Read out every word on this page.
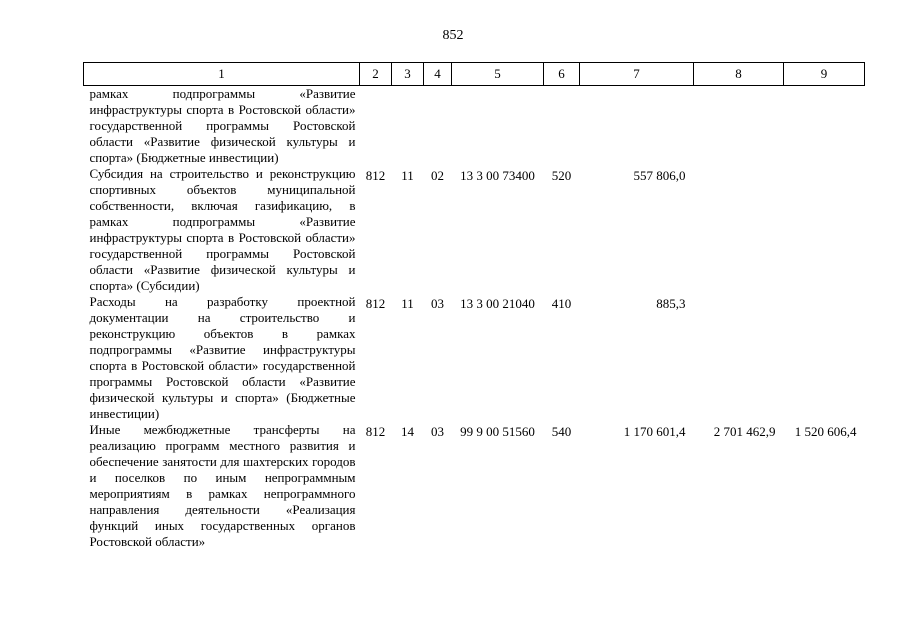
852
1	2	3	4	5	6	7	8	9
рамках подпрограммы «Развитие инфраструктуры спорта в Ростовской области» государственной программы Ростовской области «Развитие физической культуры и спорта» (Бюджетные инвестиции)								
Субсидия на строительство и реконструкцию спортивных объектов муниципальной собственности, включая газификацию, в рамках подпрограммы «Развитие инфраструктуры спорта в Ростовской области» государственной программы Ростовской области «Развитие физической культуры и спорта» (Субсидии)	812	11	02	13 3 00 73400	520	557 806,0		
Расходы на разработку проектной документации на строительство и реконструкцию объектов в рамках подпрограммы «Развитие инфраструктуры спорта в Ростовской области» государственной программы Ростовской области «Развитие физической культуры и спорта» (Бюджетные инвестиции)	812	11	03	13 3 00 21040	410	885,3		
Иные межбюджетные трансферты на реализацию программ местного развития и обеспечение занятости для шахтерских городов и поселков по иным непрограммным мероприятиям в рамках непрограммного направления деятельности «Реализация функций иных государственных органов Ростовской области»	812	14	03	99 9 00 51560	540	1 170 601,4	2 701 462,9	1 520 606,4
